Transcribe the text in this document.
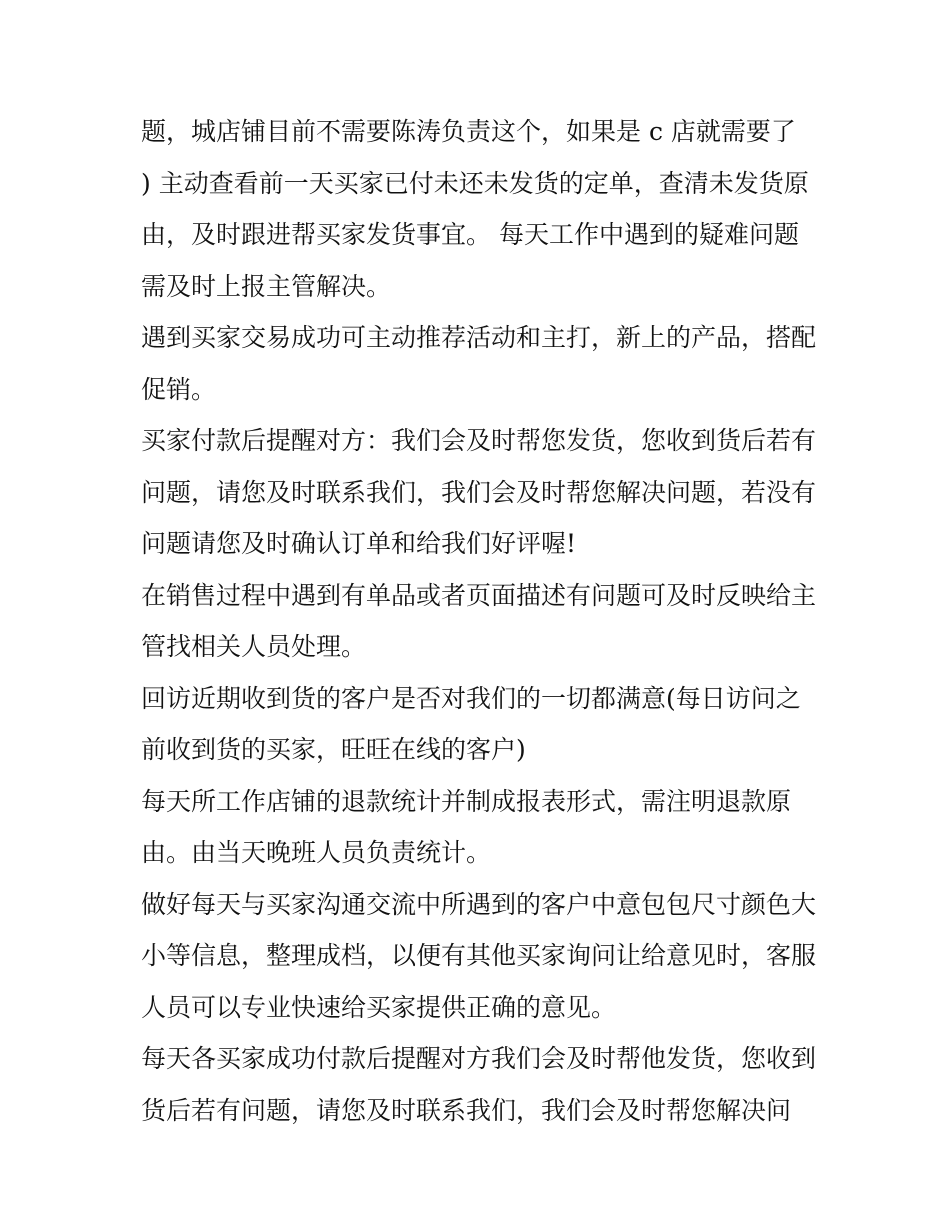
题，城店铺目前不需要陈涛负责这个，如果是 c 店就需要了
) 主动查看前一天买家已付未还未发货的定单，查清未发货原
由，及时跟进帮买家发货事宜。 每天工作中遇到的疑难问题
需及时上报主管解决。

遇到买家交易成功可主动推荐活动和主打，新上的产品，搭配
促销。

买家付款后提醒对方：我们会及时帮您发货，您收到货后若有
问题，请您及时联系我们，我们会及时帮您解决问题，若没有
问题请您及时确认订单和给我们好评喔!

在销售过程中遇到有单品或者页面描述有问题可及时反映给主
管找相关人员处理。

回访近期收到货的客户是否对我们的一切都满意(每日访问之
前收到货的买家，旺旺在线的客户)

每天所工作店铺的退款统计并制成报表形式，需注明退款原
由。由当天晚班人员负责统计。

做好每天与买家沟通交流中所遇到的客户中意包包尺寸颜色大
小等信息，整理成档，以便有其他买家询问让给意见时，客服
人员可以专业快速给买家提供正确的意见。

每天各买家成功付款后提醒对方我们会及时帮他发货，您收到
货后若有问题，请您及时联系我们，我们会及时帮您解决问
